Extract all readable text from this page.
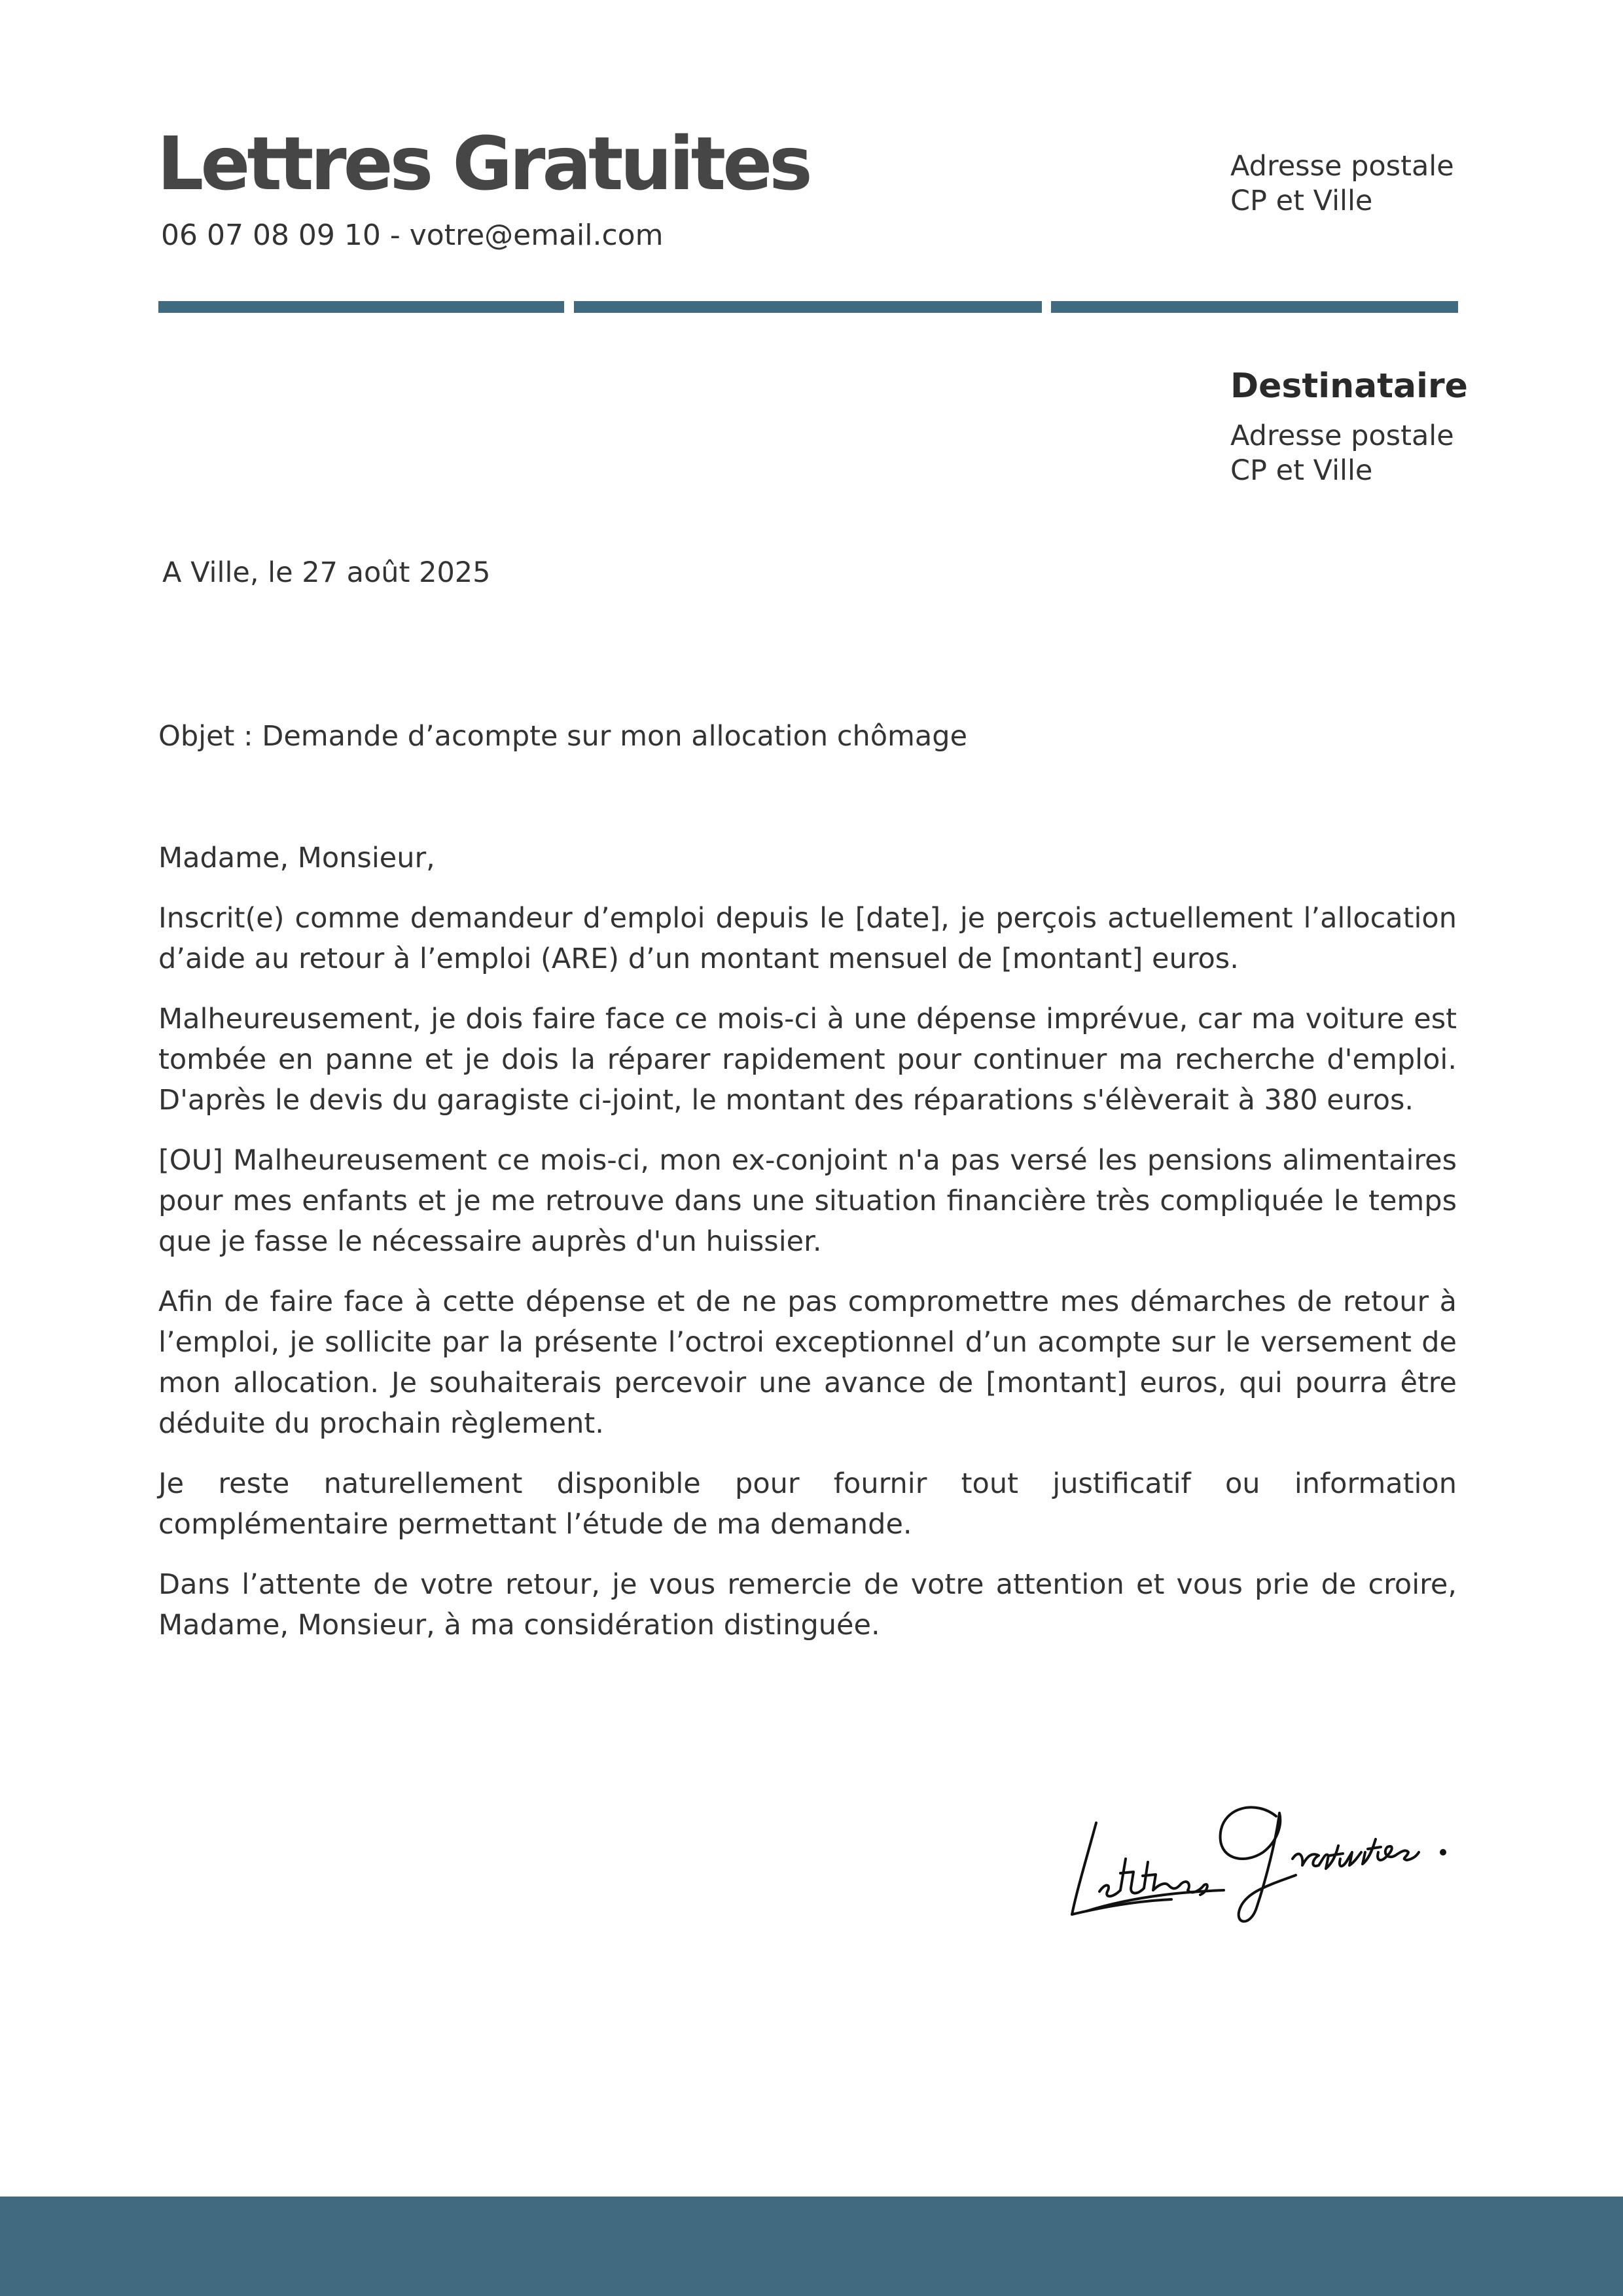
Lettres Gratuites
06 07 08 09 10 - votre@email.com
Adresse postale
CP et Ville
Destinataire
Adresse postale
CP et Ville
A Ville, le 27 août 2025
Objet : Demande d’acompte sur mon allocation chômage
Madame, Monsieur,

Inscrit(e) comme demandeur d’emploi depuis le [date], je perçois actuellement l’allocation d’aide au retour à l’emploi (ARE) d’un montant mensuel de [montant] euros.

Malheureusement, je dois faire face ce mois-ci à une dépense imprévue, car ma voiture est tombée en panne et je dois la réparer rapidement pour continuer ma recherche d'emploi. D'après le devis du garagiste ci-joint, le montant des réparations s'élèverait à 380 euros.

[OU] Malheureusement ce mois-ci, mon ex-conjoint n'a pas versé les pensions alimentaires pour mes enfants et je me retrouve dans une situation financière très compliquée le temps que je fasse le nécessaire auprès d'un huissier.

Afin de faire face à cette dépense et de ne pas compromettre mes démarches de retour à l’emploi, je sollicite par la présente l’octroi exceptionnel d’un acompte sur le versement de mon allocation. Je souhaiterais percevoir une avance de [montant] euros, qui pourra être déduite du prochain règlement.

Je reste naturellement disponible pour fournir tout justificatif ou information complémentaire permettant l’étude de ma demande.

Dans l’attente de votre retour, je vous remercie de votre attention et vous prie de croire, Madame, Monsieur, à ma considération distinguée.
